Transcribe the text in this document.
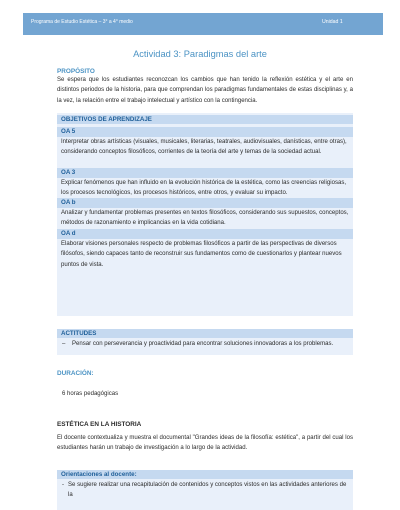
Programa de Estudio Estética – 3° a 4° medio	Unidad 1
Actividad 3: Paradigmas del arte
PROPÓSITO
Se espera que los estudiantes reconozcan los cambios que han tenido la reflexión estética y el arte en distintos periodos de la historia, para que comprendan los paradigmas fundamentales de estas disciplinas y, a la vez, la relación entre el trabajo intelectual y artístico con la contingencia.
OBJETIVOS DE APRENDIZAJE
OA 5
Interpretar obras artísticas (visuales, musicales, literarias, teatrales, audiovisuales, danísticas, entre otras), considerando conceptos filosóficos, corrientes de la teoría del arte y temas de la sociedad actual.
OA 3
Explicar fenómenos que han influido en la evolución histórica de la estética, como las creencias religiosas, los procesos tecnológicos, los procesos históricos, entre otros, y evaluar su impacto.
OA b
Analizar y fundamentar problemas presentes en textos filosóficos, considerando sus supuestos, conceptos, métodos de razonamiento e implicancias en la vida cotidiana.
OA d
Elaborar visiones personales respecto de problemas filosóficos a partir de las perspectivas de diversos filósofos, siendo capaces tanto de reconstruir sus fundamentos como de cuestionarlos y plantear nuevos puntos de vista.
ACTITUDES
– Pensar con perseverancia y proactividad para encontrar soluciones innovadoras a los problemas.
DURACIÓN:
6 horas pedagógicas
ESTÉTICA EN LA HISTORIA
El docente contextualiza y muestra el documental "Grandes ideas de la filosofía: estética", a partir del cual los estudiantes harán un trabajo de investigación a lo largo de la actividad.
Orientaciones al docente:
- Se sugiere realizar una recapitulación de contenidos y conceptos vistos en las actividades anteriores de la
